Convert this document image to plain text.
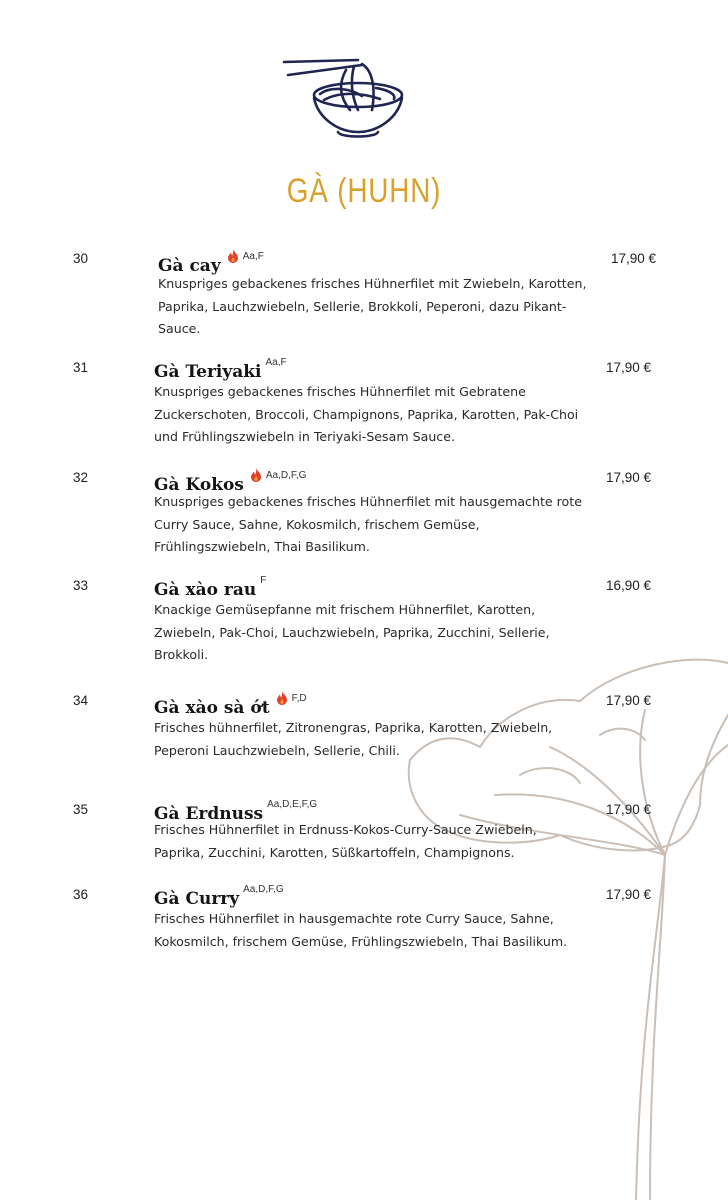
GÀ (HUHN)
30	Gà cay $^{Aa,F}$	17,90 €
Knuspriges gebackenes frisches Hühnerfilet mit Zwiebeln, Karotten, Paprika, Lauchzwiebeln, Sellerie, Brokkoli, Peperoni, dazu Pikant-Sauce.
31	Gà Teriyaki $^{Aa,F}$	17,90 €
Knuspriges gebackenes frisches Hühnerfilet mit Gebratene Zuckerschoten, Broccoli, Champignons, Paprika, Karotten, Pak-Choi und Frühlingszwiebeln in Teriyaki-Sesam Sauce.
32	Gà Kokos $^{Aa,D,F,G}$	17,90 €
Knuspriges gebackenes frisches Hühnerfilet mit hausgemachte rote Curry Sauce, Sahne, Kokosmilch, frischem Gemüse, Frühlingszwiebeln, Thai Basilikum.
33	Gà xào rau $^F$	16,90 €
Knackige Gemüsepfanne mit frischem Hühnerfilet, Karotten, Zwiebeln, Pak-Choi, Lauchzwiebeln, Paprika, Zucchini, Sellerie, Brokkoli.
34	Gà xào sà ớt $^{F,D}$	17,90 €
Frisches hühnerfilet, Zitronengras, Paprika, Karotten, Zwiebeln, Peperoni Lauchzwiebeln, Sellerie, Chili.
35	Gà Erdnuss $^{Aa,D,E,F,G}$	17,90 €
Frisches Hühnerfilet in Erdnuss-Kokos-Curry-Sauce Zwiebeln, Paprika, Zucchini, Karotten, Süßkartoffeln, Champignons.
36	Gà Curry $^{Aa,D,F,G}$	17,90 €
Frisches Hühnerfilet in hausgemachte rote Curry Sauce, Sahne, Kokosmilch, frischem Gemüse, Frühlingszwiebeln, Thai Basilikum.
